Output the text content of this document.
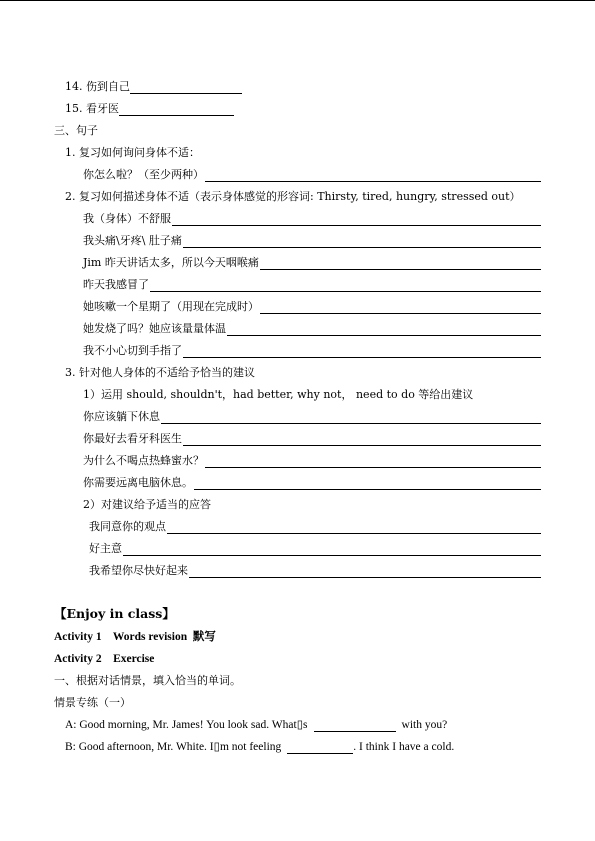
14. 伤到自己
15. 看牙医
三、句子
1. 复习如何询问身体不适：
你怎么啦？（至少两种）
2. 复习如何描述身体不适（表示身体感觉的形容词: Thirsty, tired, hungry, stressed out）
我（身体）不舒服
我头痛\牙疼\ 肚子痛
Jim 昨天讲话太多，所以今天咽喉痛
昨天我感冒了
她咳嗽一个星期了（用现在完成时）
她发烧了吗？她应该量量体温
我不小心切到手指了
3. 针对他人身体的不适给予恰当的建议
1）运用 should, shouldn't，had better, why not， need to do 等给出建议
你应该躺下休息
你最好去看牙科医生
为什么不喝点热蜂蜜水？
你需要远离电脑休息。
2）对建议给予适当的应答
我同意你的观点
好主意
我希望你尽快好起来
【Enjoy in class】
Activity 1    Words revision  默写
Activity 2    Exercise
一、根据对话情景，填入恰当的单词。
情景专练（一）
A: Good morning, Mr. James! You look sad. What▯s	with you?
B: Good afternoon, Mr. White. I▯m not feeling	. I think I have a cold.
